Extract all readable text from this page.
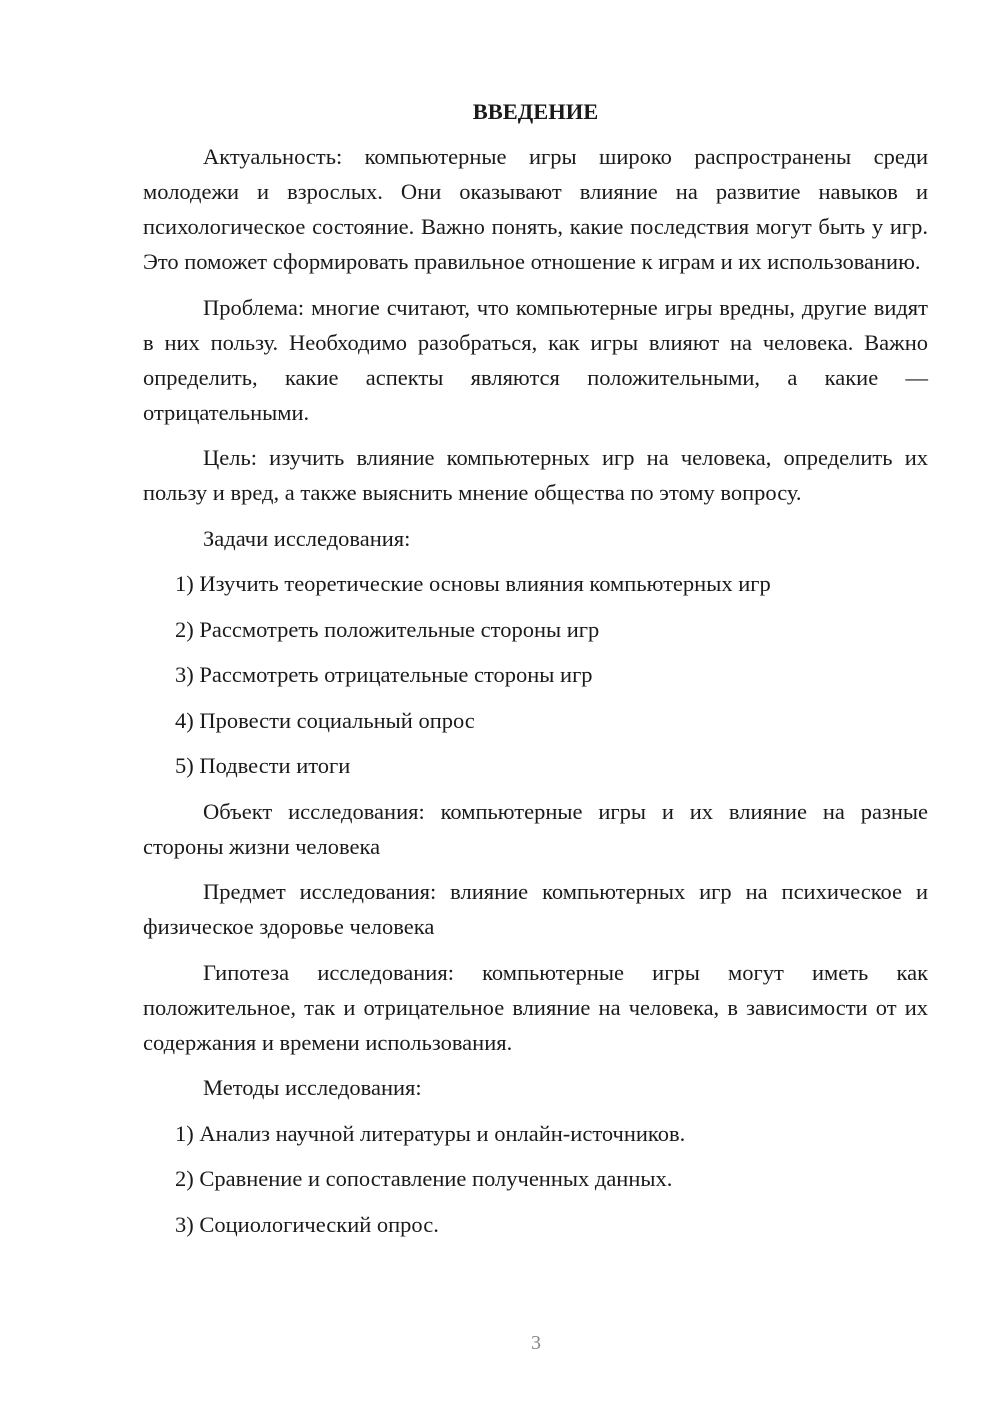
ВВЕДЕНИЕ

Актуальность: компьютерные игры широко распространены среди молодежи и взрослых. Они оказывают влияние на развитие навыков и психологическое состояние. Важно понять, какие последствия могут быть у игр. Это поможет сформировать правильное отношение к играм и их использованию.

Проблема: многие считают, что компьютерные игры вредны, другие видят в них пользу. Необходимо разобраться, как игры влияют на человека. Важно определить, какие аспекты являются положительными, а какие — отрицательными.

Цель: изучить влияние компьютерных игр на человека, определить их пользу и вред, а также выяснить мнение общества по этому вопросу.

Задачи исследования:

1) Изучить теоретические основы влияния компьютерных игр

2) Рассмотреть положительные стороны игр

3) Рассмотреть отрицательные стороны игр

4) Провести социальный опрос

5) Подвести итоги

Объект исследования: компьютерные игры и их влияние на разные стороны жизни человека

Предмет исследования: влияние компьютерных игр на психическое и физическое здоровье человека

Гипотеза исследования: компьютерные игры могут иметь как положительное, так и отрицательное влияние на человека, в зависимости от их содержания и времени использования.

Методы исследования:

1) Анализ научной литературы и онлайн-источников.

2) Сравнение и сопоставление полученных данных.

3) Социологический опрос.

3
